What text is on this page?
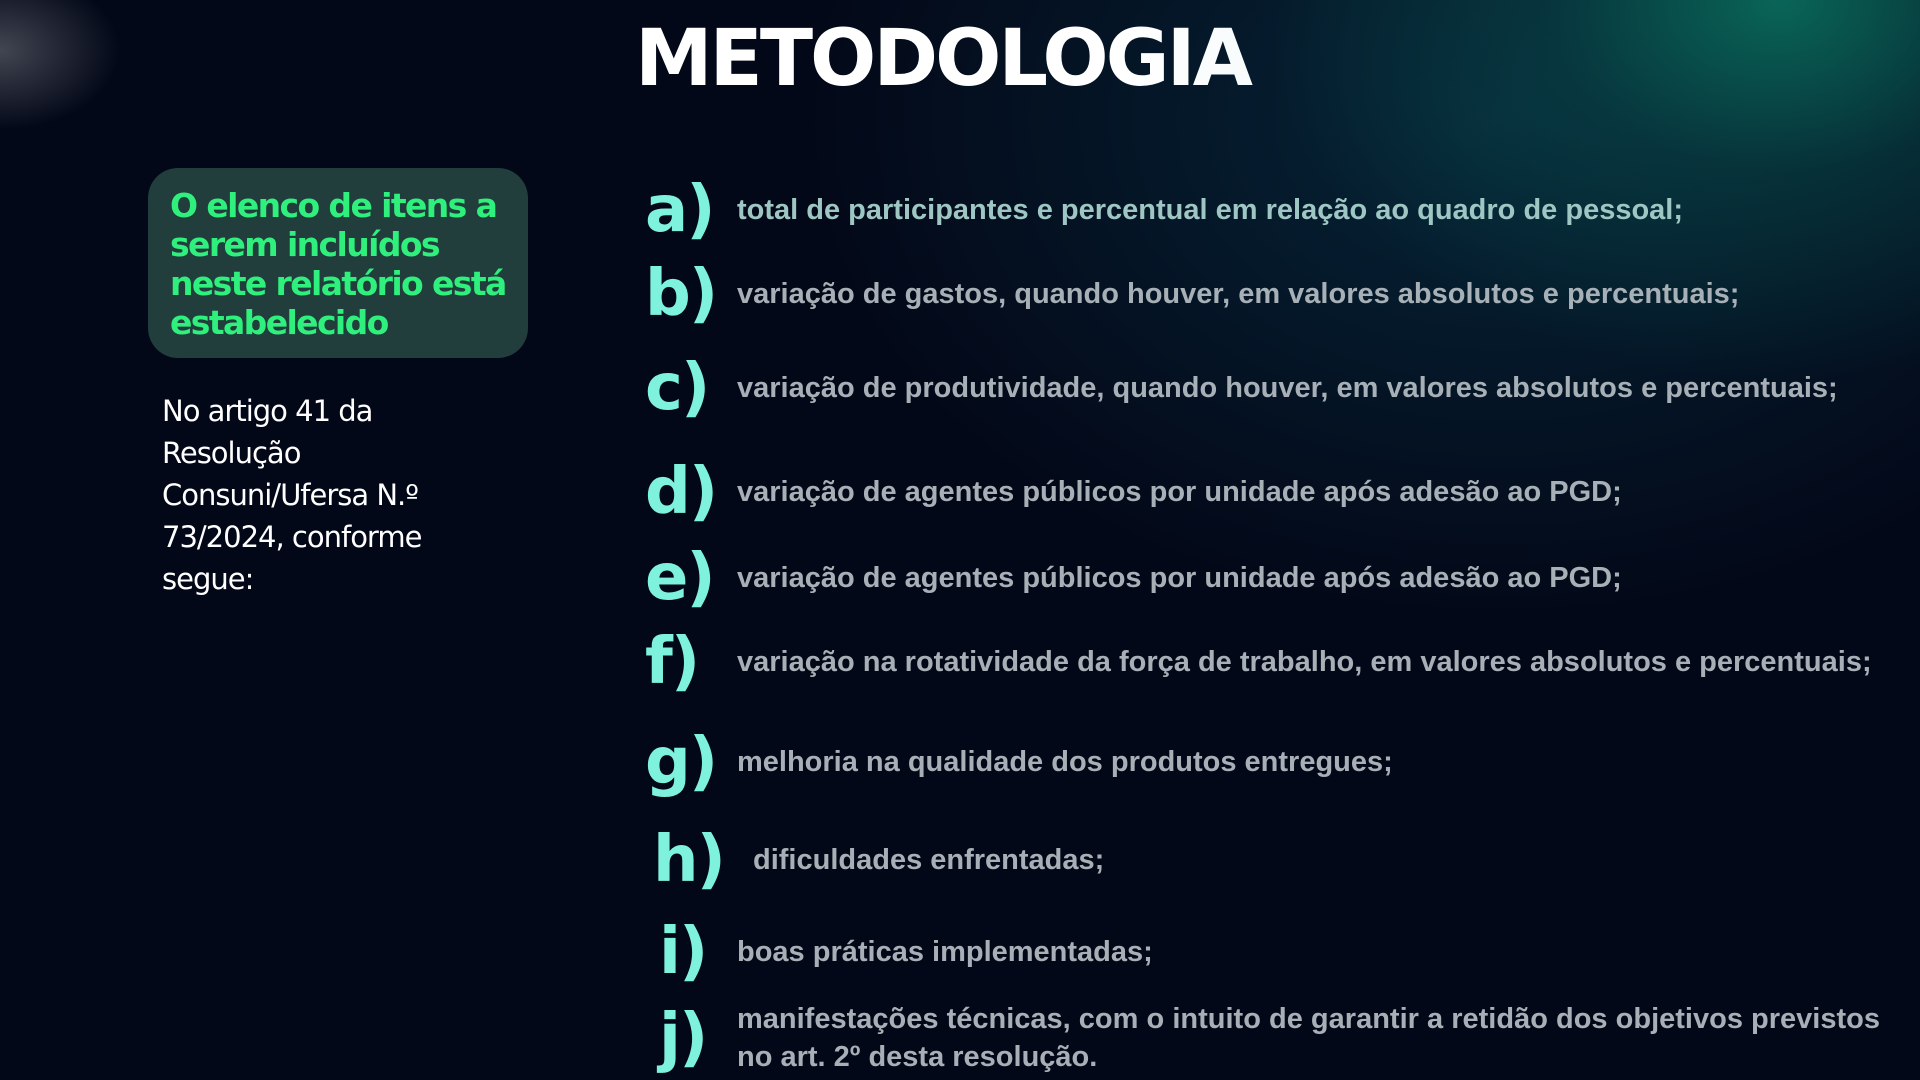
METODOLOGIA
O elenco de itens a serem incluídos neste relatório está estabelecido
No artigo 41 da Resolução Consuni/Ufersa N.º 73/2024, conforme segue:
a) total de participantes e percentual em relação ao quadro de pessoal;
b) variação de gastos, quando houver, em valores absolutos e percentuais;
c) variação de produtividade, quando houver, em valores absolutos e percentuais;
d) variação de agentes públicos por unidade após adesão ao PGD;
e) variação de agentes públicos por unidade após adesão ao PGD;
f)	variação na rotatividade da força de trabalho, em valores absolutos e percentuais;
g) melhoria na qualidade dos produtos entregues;
h)	dificuldades enfrentadas;
i)	boas práticas implementadas;
j)	manifestações técnicas, com o intuito de garantir a retidão dos objetivos previstos no art. 2º desta resolução.
